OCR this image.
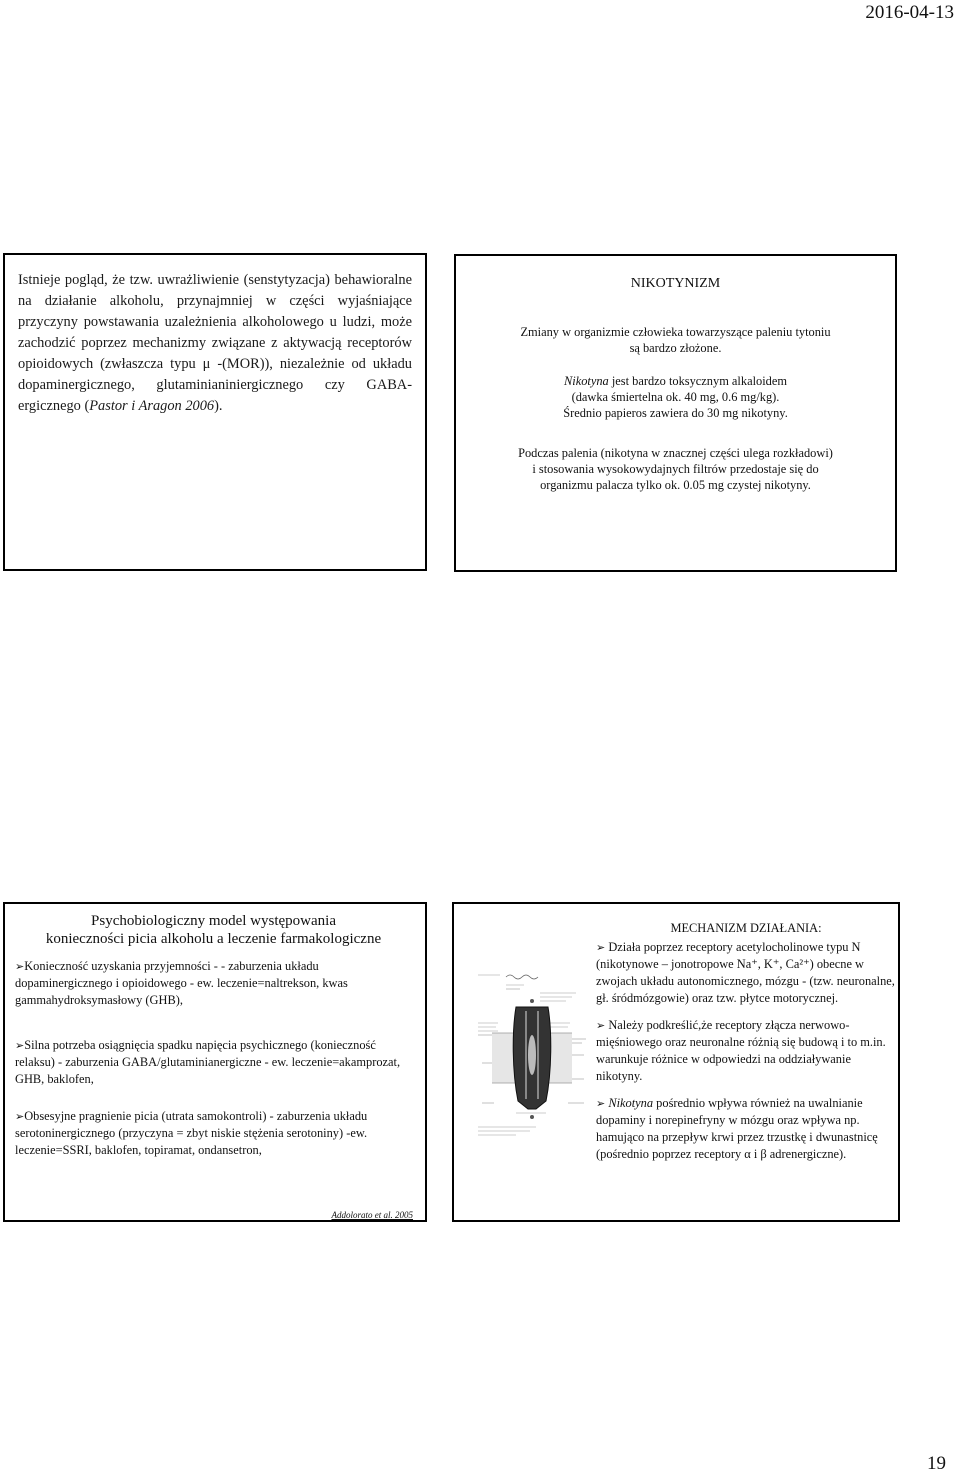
2016-04-13

Istnieje pogląd, że tzw. uwrażliwienie (senstytyzacja) behawioralne na działanie alkoholu, przynajmniej w części wyjaśniające przyczyny powstawania uzależnienia alkoholowego u ludzi, może zachodzić poprzez mechanizmy związane z aktywacją receptorów opioidowych (zwłaszcza typu μ -(MOR)), niezależnie od układu dopaminergicznego, glutaminianiniergicznego czy GABA-ergicznego (Pastor i Aragon 2006).

NIKOTYNIZM

Zmiany w organizmie człowieka towarzyszące paleniu tytoniu

są bardzo złożone.

Nikotyna jest bardzo toksycznym alkaloidem

(dawka śmiertelna ok. 40 mg, 0.6 mg/kg).

Średnio papieros zawiera do 30 mg nikotyny.

Podczas palenia (nikotyna w znacznej części ulega rozkładowi)

i stosowania wysokowydajnych filtrów przedostaje się do

organizmu palacza tylko ok. 0.05 mg czystej nikotyny.

Psychobiologiczny model występowania
konieczności picia alkoholu a leczenie farmakologiczne

➢Konieczność uzyskania przyjemności - - zaburzenia układu dopaminergicznego i opioidowego - ew. leczenie=naltrekson, kwas gammahydroksymasłowy (GHB),

➢Silna potrzeba osiągnięcia spadku napięcia psychicznego (konieczność relaksu) - zaburzenia GABA/glutaminianergiczne - ew. leczenie=akamprozat, GHB, baklofen,

➢Obsesyjne pragnienie picia (utrata samokontroli) - zaburzenia układu serotoninergicznego (przyczyna = zbyt niskie stężenia serotoniny) -ew. leczenie=SSRI, baklofen, topiramat, ondansetron,

Addolorato et al. 2005
MECHANIZM DZIAŁANIA:

➢ Działa poprzez receptory acetylocholinowe typu N (nikotynowe – jonotropowe Na⁺, K⁺, Ca²⁺) obecne w zwojach układu autonomicznego, mózgu - (tzw. neuronalne, gł. śródmózgowie) oraz tzw. płytce motorycznej.

➢ Należy podkreślić,że receptory złącza nerwowo-mięśniowego oraz neuronalne różnią się budową i to m.in. warunkuje różnice w odpowiedzi na oddziaływanie nikotyny.

➢ Nikotyna pośrednio wpływa również na uwalnianie dopaminy i norepinefryny w mózgu oraz wpływa np. hamująco na przepływ krwi przez trzustkę i dwunastnicę (pośrednio poprzez receptory α i β adrenergiczne).

19
